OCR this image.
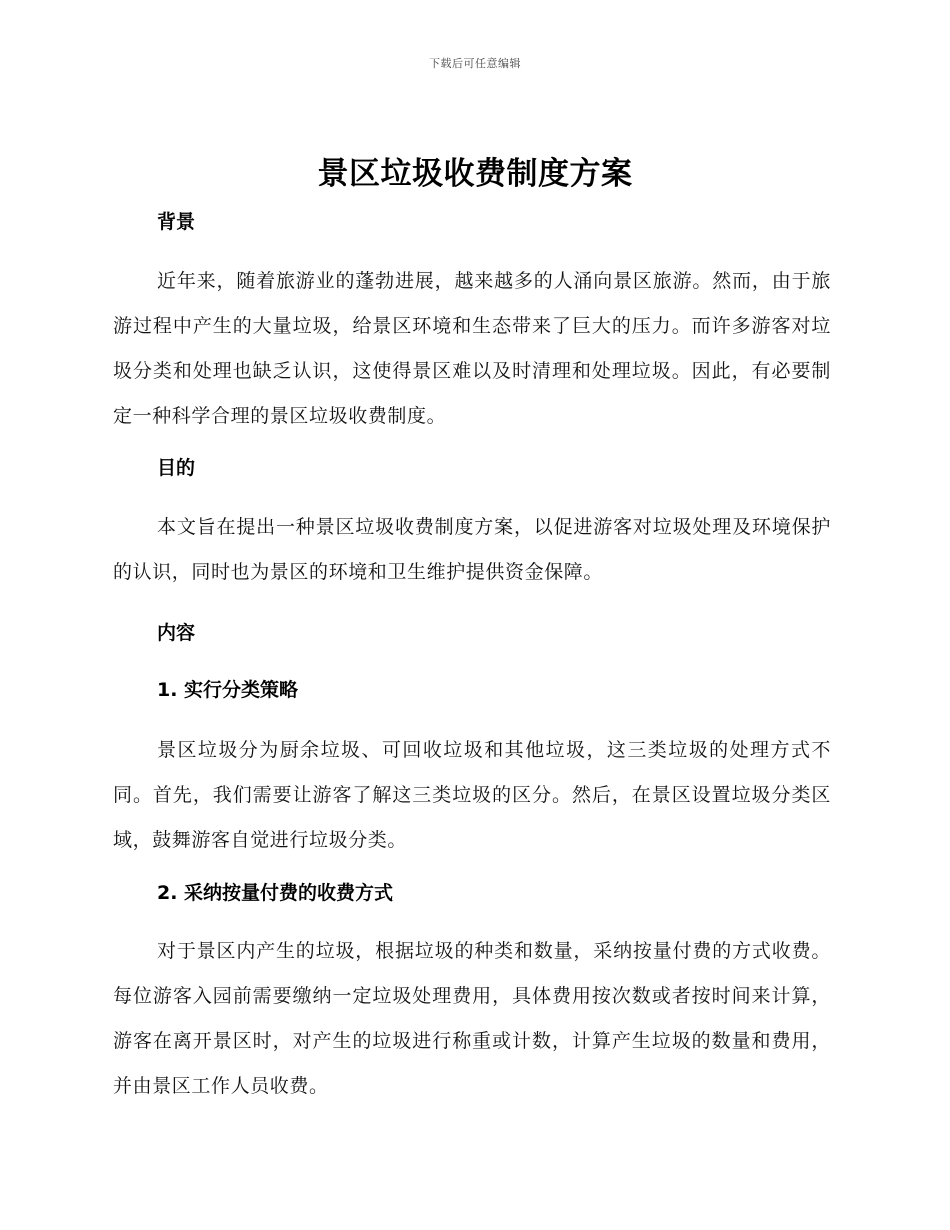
下载后可任意编辑
景区垃圾收费制度方案
背景

近年来，随着旅游业的蓬勃进展，越来越多的人涌向景区旅游。然而，由于旅游过程中产生的大量垃圾，给景区环境和生态带来了巨大的压力。而许多游客对垃圾分类和处理也缺乏认识，这使得景区难以及时清理和处理垃圾。因此，有必要制定一种科学合理的景区垃圾收费制度。

目的

本文旨在提出一种景区垃圾收费制度方案，以促进游客对垃圾处理及环境保护的认识，同时也为景区的环境和卫生维护提供资金保障。

内容
1. 实行分类策略

景区垃圾分为厨余垃圾、可回收垃圾和其他垃圾，这三类垃圾的处理方式不同。首先，我们需要让游客了解这三类垃圾的区分。然后，在景区设置垃圾分类区域，鼓舞游客自觉进行垃圾分类。

2. 采纳按量付费的收费方式

对于景区内产生的垃圾，根据垃圾的种类和数量，采纳按量付费的方式收费。每位游客入园前需要缴纳一定垃圾处理费用，具体费用按次数或者按时间来计算，游客在离开景区时，对产生的垃圾进行称重或计数，计算产生垃圾的数量和费用，并由景区工作人员收费。
